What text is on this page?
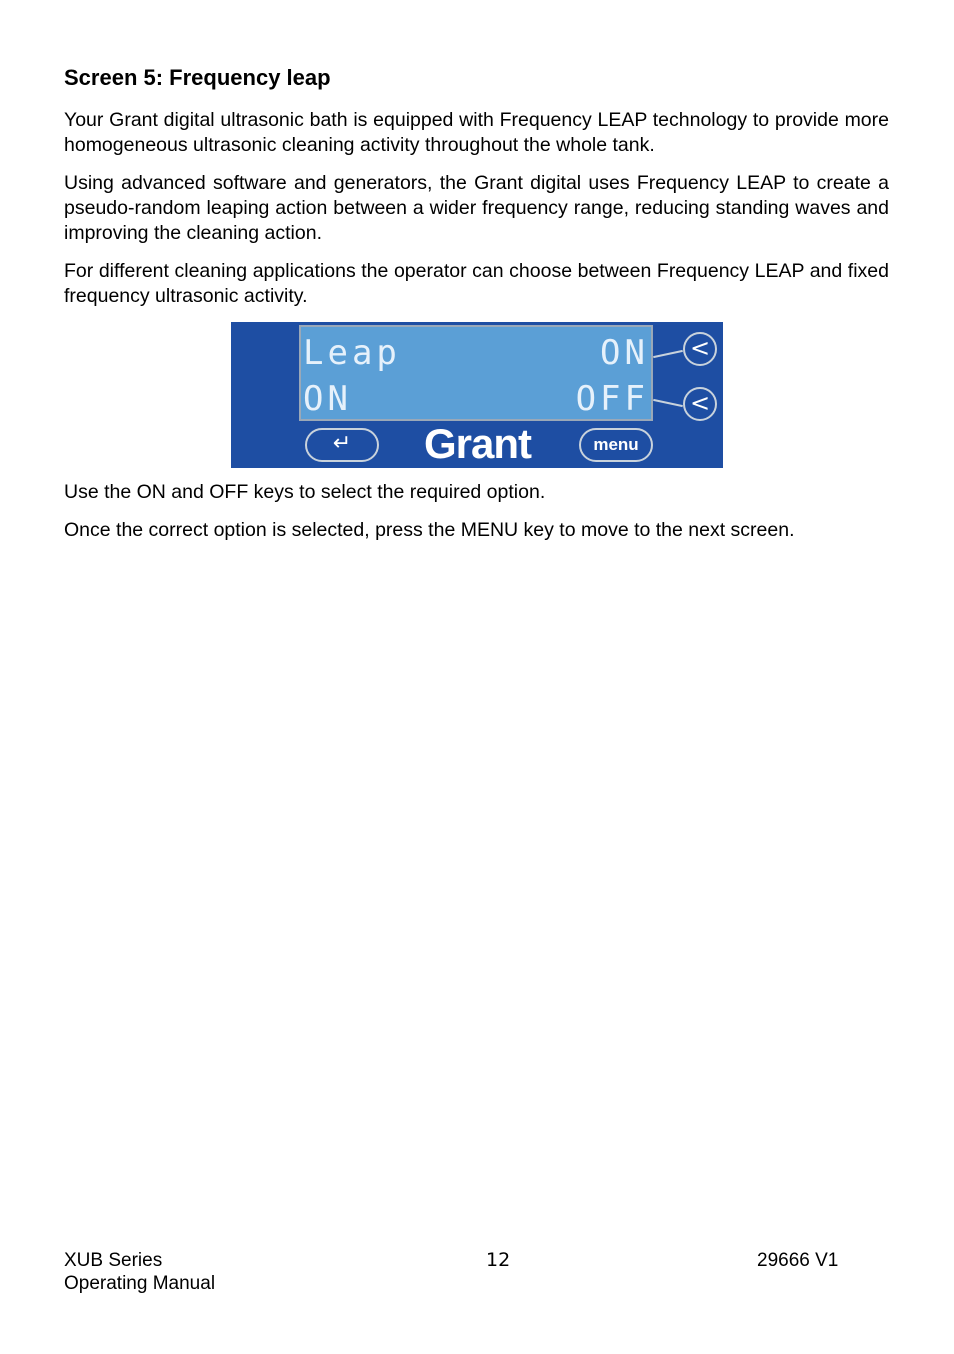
Screen 5: Frequency leap

Your Grant digital ultrasonic bath is equipped with Frequency LEAP technology to provide more homogeneous ultrasonic cleaning activity throughout the whole tank.

Using advanced software and generators, the Grant digital uses Frequency LEAP to create a pseudo-random leaping action between a wider frequency range, reducing standing waves and improving the cleaning action.

For different cleaning applications the operator can choose between Frequency LEAP and fixed frequency ultrasonic activity.

Leap	ON
ON	OFF
<
<
↵	Grant	menu

Use the ON and OFF keys to select the required option.

Once the correct option is selected, press the MENU key to move to the next screen.

XUB Series
Operating Manual
12	29666 V1
